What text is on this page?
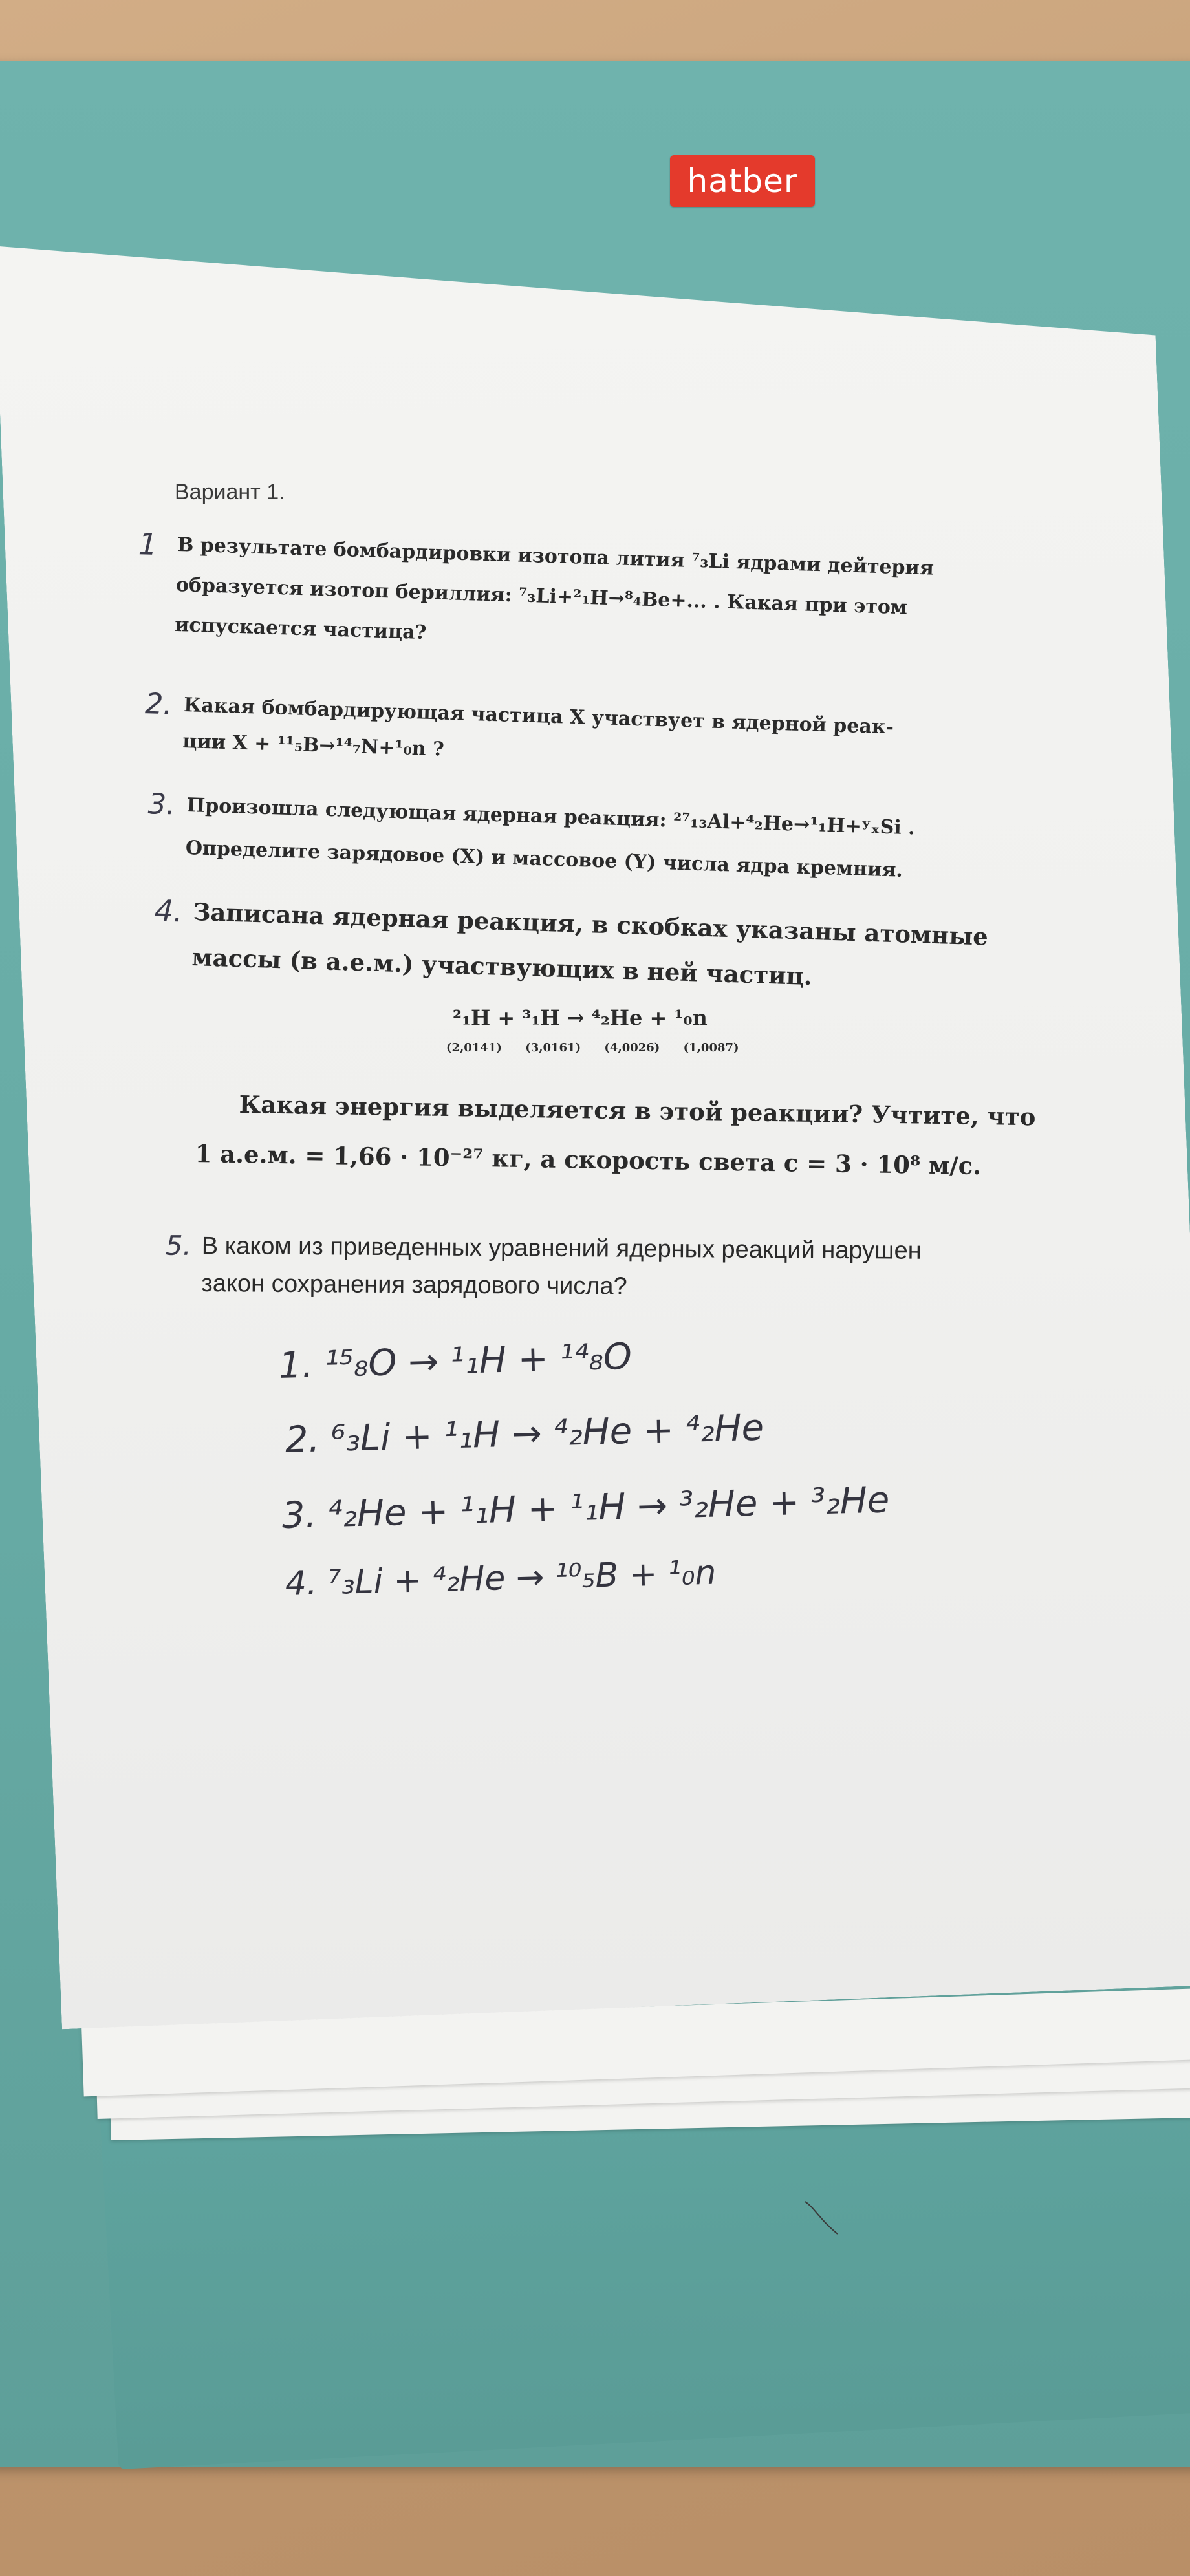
hatber
Вариант 1.
1 В результате бомбардировки изотопа лития ⁷₃Li ядрами дейтерия
образуется изотоп бериллия: ⁷₃Li+²₁H→⁸₄Be+... . Какая при этом
испускается частица?
2. Какая бомбардирующая частица X участвует в ядерной реак-
ции X + ¹¹₅B→¹⁴₇N+¹₀n ?
3. Произошла следующая ядерная реакция: ²⁷₁₃Al+⁴₂He→¹₁H+ʸₓSi .
Определите зарядовое (X) и массовое (Y) числа ядра кремния.
4. Записана ядерная реакция, в скобках указаны атомные
массы (в а.е.м.) участвующих в ней частиц.
²₁H + ³₁H → ⁴₂He + ¹₀n
(2,0141) (3,0161) (4,0026) (1,0087)
Какая энергия выделяется в этой реакции? Учтите, что
1 а.е.м. = 1,66 · 10⁻²⁷ кг, а скорость света c = 3 · 10⁸ м/с.
5. В каком из приведенных уравнений ядерных реакций нарушен
закон сохранения зарядового числа?
1. ¹⁵₈O → ¹₁H + ¹⁴₈O
2. ⁶₃Li + ¹₁H → ⁴₂He + ⁴₂He
3. ⁴₂He + ¹₁H + ¹₁H → ³₂He + ³₂He
4. ⁷₃Li + ⁴₂He → ¹⁰₅B + ¹₀n
